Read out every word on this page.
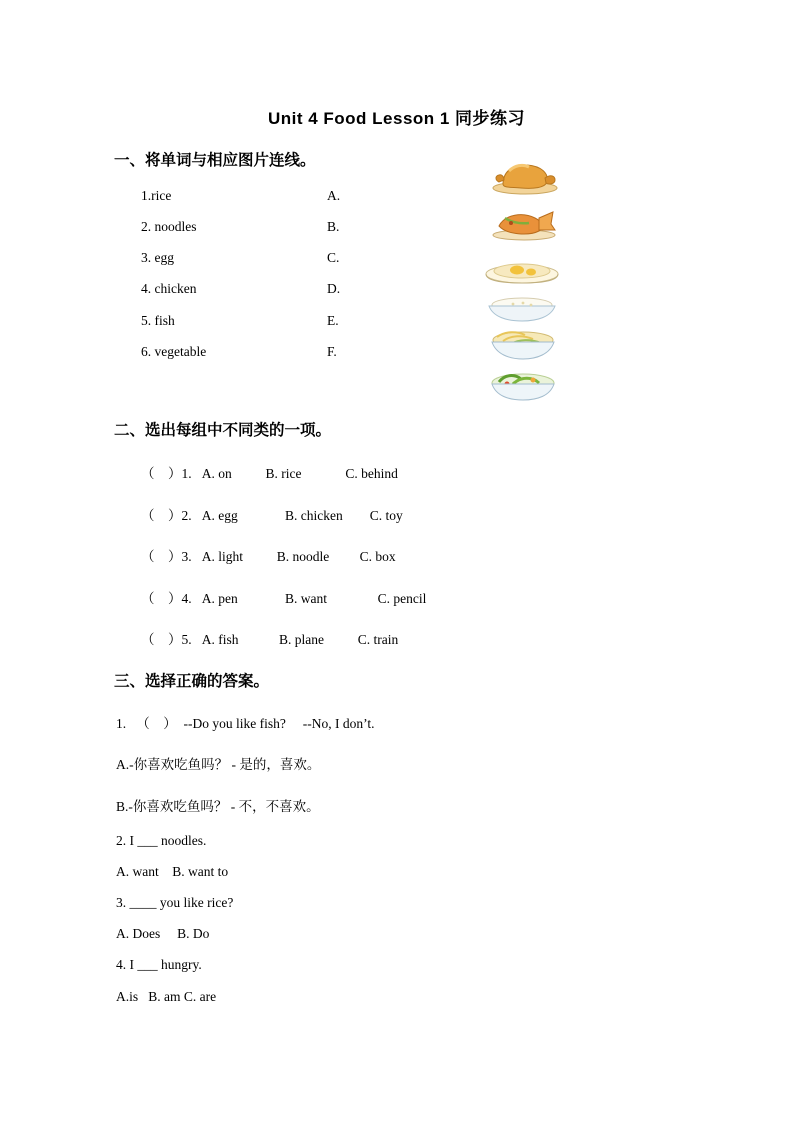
Unit 4 Food Lesson 1 同步练习
一、将单词与相应图片连线。
1.rice
2. noodles
3. egg
4. chicken
5. fish
6. vegetable
A.
B.
C.
D.
E.
F.
二、选出每组中不同类的一项。
（    ）1.   A. on          B. rice             C. behind
（    ）2.   A. egg              B. chicken        C. toy
（    ）3.   A. light          B. noodle         C. box
（    ）4.   A. pen              B. want               C. pencil
（    ）5.   A. fish            B. plane          C. train
三、选择正确的答案。
1.   （    ）  --Do you like fish?     --No, I don’t.
A.-你喜欢吃鱼吗？ - 是的，喜欢。
B.-你喜欢吃鱼吗？ - 不，不喜欢。
2. I ___ noodles.
A. want    B. want to
3. ____ you like rice?
A. Does     B. Do
4. I ___ hungry.
A.is   B. am C. are
